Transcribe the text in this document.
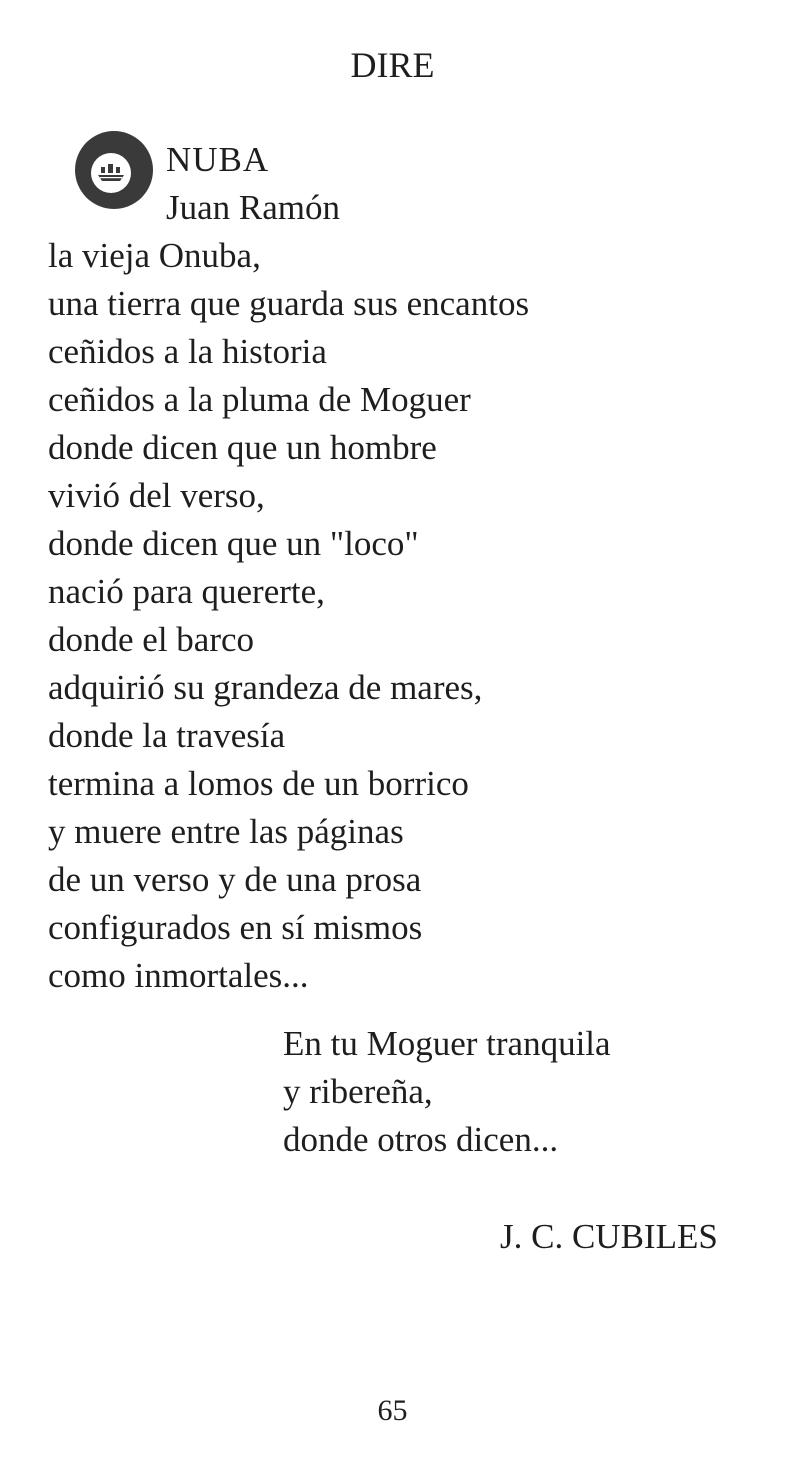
DIRE
NUBA
Juan Ramón
la vieja Onuba,
una tierra que guarda sus encantos
ceñidos a la historia
ceñidos a la pluma de Moguer
donde dicen que un hombre
vivió del verso,
donde dicen que un "loco"
nació para quererte,
donde el barco
adquirió su grandeza de mares,
donde la travesía
termina a lomos de un borrico
y muere entre las páginas
de un verso y de una prosa
configurados en sí mismos
como inmortales...
En tu Moguer tranquila
y ribereña,
donde otros dicen...
J. C. CUBILES
65
